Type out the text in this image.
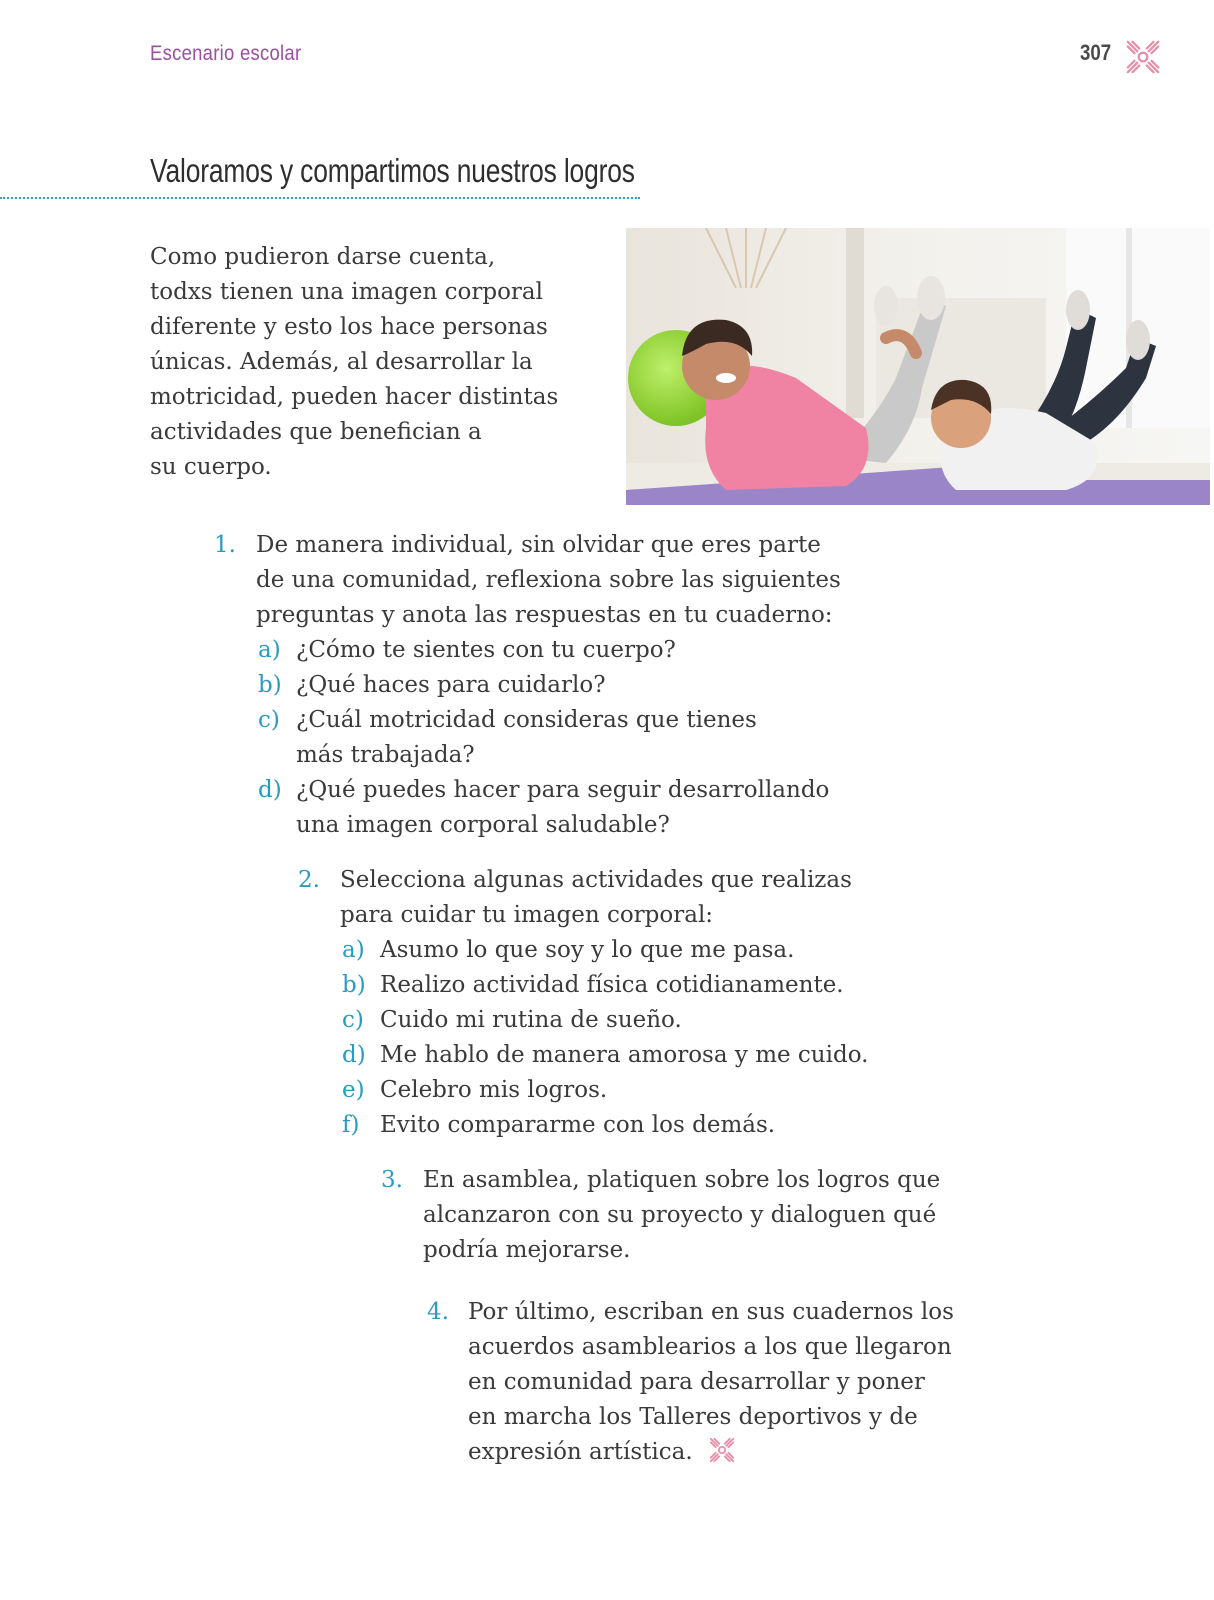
Escenario escolar	307
Valoramos y compartimos nuestros logros
Como pudieron darse cuenta,
todxs tienen una imagen corporal
diferente y esto los hace personas
únicas. Además, al desarrollar la
motricidad, pueden hacer distintas
actividades que benefician a
su cuerpo.
1. De manera individual, sin olvidar que eres parte
de una comunidad, reflexiona sobre las siguientes
preguntas y anota las respuestas en tu cuaderno:
a) ¿Cómo te sientes con tu cuerpo?
b) ¿Qué haces para cuidarlo?
c) ¿Cuál motricidad consideras que tienes
más trabajada?
d) ¿Qué puedes hacer para seguir desarrollando
una imagen corporal saludable?
2. Selecciona algunas actividades que realizas
para cuidar tu imagen corporal:
a) Asumo lo que soy y lo que me pasa.
b) Realizo actividad física cotidianamente.
c) Cuido mi rutina de sueño.
d) Me hablo de manera amorosa y me cuido.
e) Celebro mis logros.
f) Evito compararme con los demás.
3. En asamblea, platiquen sobre los logros que
alcanzaron con su proyecto y dialoguen qué
podría mejorarse.
4. Por último, escriban en sus cuadernos los
acuerdos asamblearios a los que llegaron
en comunidad para desarrollar y poner
en marcha los Talleres deportivos y de
expresión artística.
